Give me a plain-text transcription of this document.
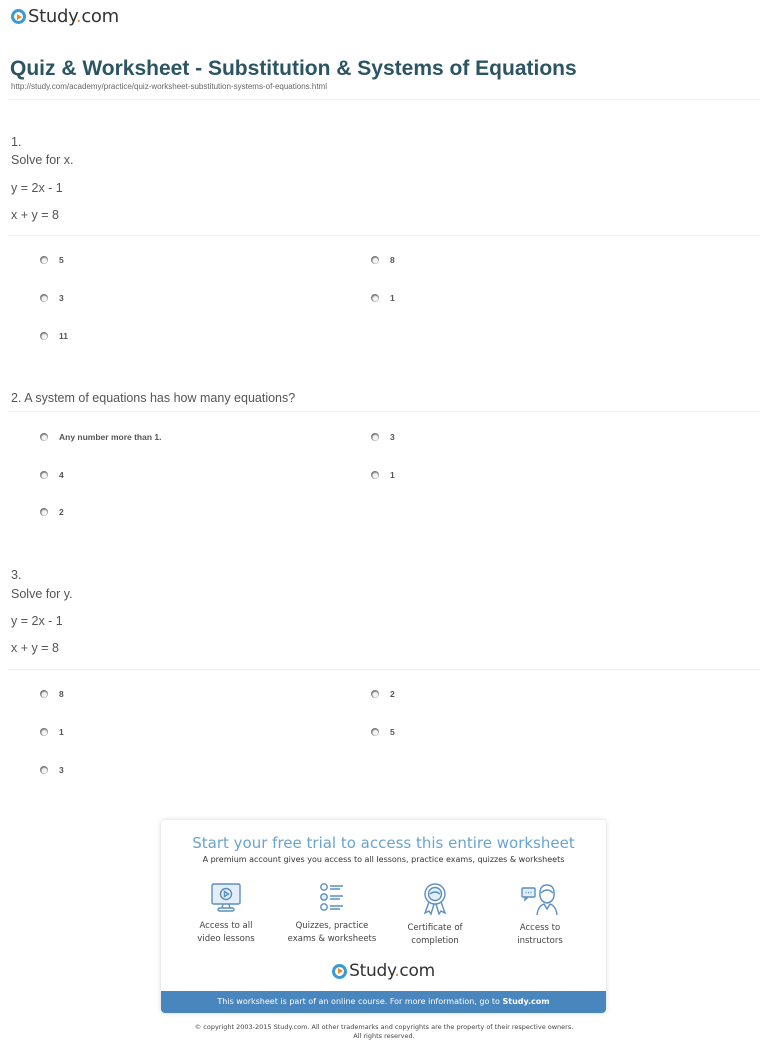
Study.com
Quiz & Worksheet - Substitution & Systems of Equations
http://study.com/academy/practice/quiz-worksheet-substitution-systems-of-equations.html
1.
Solve for x.
y = 2x - 1
x + y = 8
5	8
3	1
11
2. A system of equations has how many equations?
Any number more than 1.	3
4	1
2
3.
Solve for y.
y = 2x - 1
x + y = 8
8	2
1	5
3
Start your free trial to access this entire worksheet
A premium account gives you access to all lessons, practice exams, quizzes & worksheets
Access to all
video lessons
Quizzes, practice
exams & worksheets
Certificate of
completion
Access to
instructors
Study.com
This worksheet is part of an online course. For more information, go to Study.com
© copyright 2003-2015 Study.com. All other trademarks and copyrights are the property of their respective owners.
All rights reserved.
